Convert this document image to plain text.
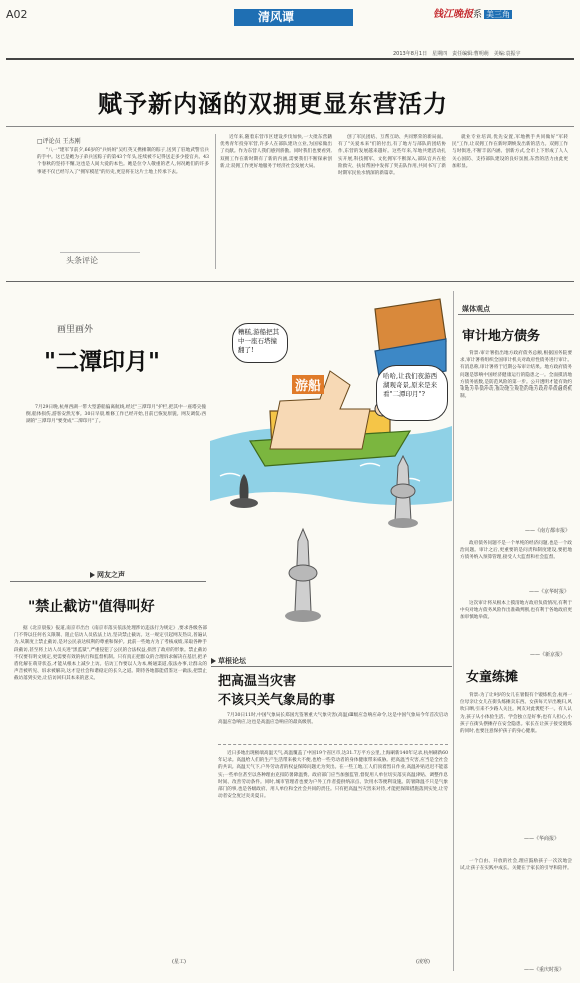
A02	清风谭	钱江晚报系 美三角
2013年8月1日　星期四　责任编辑:曹明萌　美编:袁振宇
赋予新内涵的双拥更显东营活力
□评论员 王杰刚
"八一"建军节前夕,66岁的"兵妈妈"吴红英又携捶制的粽子,送到了驻地武警官兵的手中。这已是她为子弟兵送粽子的第43个年头,连续被不记得送走多少拨官兵。43个春秋的坚持不懈,这也是人间大爱的本色。她是位令人敬重的老人,何况她们的许多事迹不仅已经写入了"拥军模范"的历史,更是将在这片土地上传承下去。
头条评论
近年来,随着东营市区建设步伐加快,一大批东营籍优秀青年投身军营,许多人在部队建功立业,为国家做出了贡献。作为东营人我们感到骄傲。同时我们也要看到,双拥工作在新时期有了新的内涵,需要我们不断探索创新,让双拥工作更好地服务于经济社会发展大局。
创了军民团结、互帮互助、共同繁荣的新局面。有了"关爱本来"们的付出,有了地方与部队的团结协作,东营的发展越来越好。这些年来,军地共建活动扎实开展,科技拥军、文化拥军不断深入,部队官兵在抢险救灾、扶贫帮困中发挥了突击队作用,共同书写了新时期军民鱼水情深的新篇章。
就业专业培训,优先安置,军地携手共同做好"军转民"工作,让双拥工作在新时期焕发出新的活力。双拥工作与时俱进,不断丰富内涵、创新方式,全市上下形成了人人关心国防、支持部队建设的良好氛围,东营的活力由此更加彰显。
画里画外
"二潭印月"
7月29日晚,杭州西湖一带大型游船偏离航线,经过"三潭印月"护栏,把其中一座塔尖撞倒,船体损伤,游客安然无事。30日早晨,维修工作已经开始,目前已恢复原貌。网友调侃:西湖的"三潭印月"要变成"二潭印月"了。
网友之声
"禁止截访"值得叫好
据《北京晨报》报道,南京市出台《南京市落实依法处理涉访违法行为规定》,要求各级各部门不得以任何名义限制、阻止信访人员依法上访,坚决禁止截访。这一规定引起网友热议,普遍认为,从制度上禁止截访,是对公民表达权利的尊重和保护。此前一些地方为了考核成绩,采取各种手段截访,甚至将上访人员关进"黑监狱",严重侵犯了公民的合法权益,损害了政府的形象。禁止截访不仅要有明文规定,更需要有效的执行和监督机制。只有真正把群众的合理诉求解决在基层,把矛盾化解在萌芽状态,才能从根本上减少上访。信访工作要以人为本,畅通渠道,依法办事,让群众的声音被听见、诉求被解决,这才是社会和谐稳定的长久之道。期待各地都能借鉴这一做法,把禁止截访落到实处,让信访回归其本来的意义。
(星工)
糟糕,游船把其中一座石塔撞翻了!
哈哈,让我们夜游西湖观奇景,原来是来看"二潭印月"?
游船
草根论坛
把高温当灾害
不该只关气象局的事
7月30日11时,中国气象局长郑国光签署重大气象灾害(高温)Ⅲ级应急响应命令,这是中国气象局今年首次启动高温应急响应,这也是高温应急响应的最高级别。
近日多地出现极端高温天气,高温覆盖了中国19个省区市,达31.7万平方公里,上海刷新140年记录,杭州刷新60年记录。高温给人们的生产生活带来极大不便,也给一些劳动者的身体健康带来威胁。把高温当灾害,应当是全社会的共识。高温天气下,户外劳动者的权益保障问题尤为突出。在一些工地,工人们顶着烈日作业,高温补贴迟迟不能落实;一些单位甚至以各种理由克扣防暑降温费。政府部门应当加强监管,督促用人单位切实落实高温津贴、调整作息时间、改善劳动条件。同时,城市管理者也要为户外工作者提供纳凉点、饮用水等便利设施。防暑降温不只是气象部门的事,也是各级政府、用人单位和全社会共同的责任。只有把高温当灾害来对待,才能把保障措施落到实处,让劳动者安全度过炎炎夏日。
(凌寒)
媒体观点
审计地方债务
背景:审计署指出地方政府债务总额,根据国务院要求,审计署将组织全国审计机关对政府性债务进行审计。有消息称,审计署将于近期公布审计结果。地方政府债务问题是影响中国经济健康运行的隐患之一。全面摸清地方债务底数,是防范风险的第一步。公开透明才能有效约束地方举债冲动,推动建立规范的地方政府举债融资机制。
——《南方都市报》
政府债务问题不是一个单纯的经济问题,也是一个政治问题。审计之后,更重要的是问责和制度建设,要把地方债务纳入预算管理,接受人大监督和社会监督。
——《京华时报》
这次审计将从根本上摸清地方政府负债情况,有利于中央对地方债务风险作出准确判断,也有利于各地政府更加审慎地举债。
——《新京报》
女童练摊
背景:为了让9岁的女儿在暑假有个锻炼机会,杭州一位母亲让女儿在街头练摊卖东西。女孩每天早出晚归,风吹日晒,引来不少路人关注。网友对此褒贬不一。有人认为,孩子从小体验生活、学会独立是好事;也有人担心,小孩子在街头摆摊存在安全隐患。家长在让孩子接受锻炼的同时,也要注意保护孩子的身心健康。
——《华商报》
一个自由、开放的社会,理应鼓励孩子一次次地尝试,让孩子在实践中成长。关键在于家长的引导和陪伴。
——《重庆时报》
